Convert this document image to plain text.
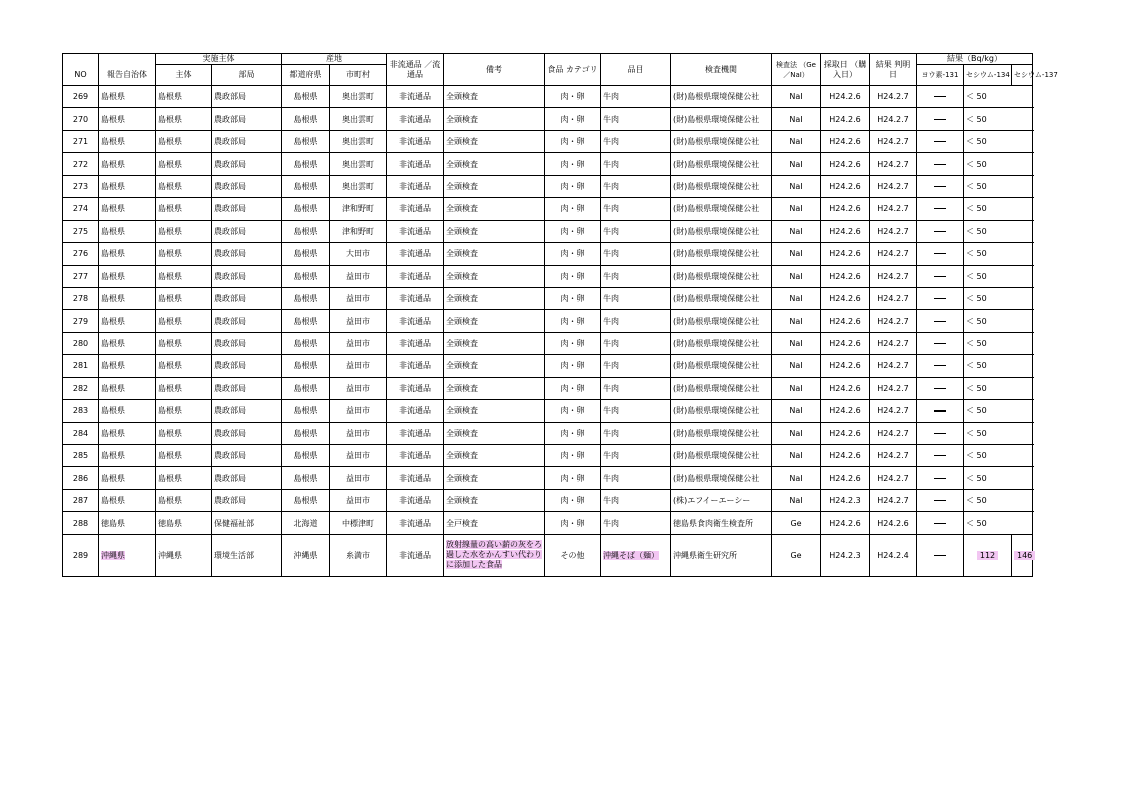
		実施主体		産地		非流通品 ／流通品	備考	食品 カテゴリ	品目	検査機関	検査法 （Ge／NaI）	採取日 （購入日）	結果 判明日	結果（Bq/kg）		
NO	報告自治体	主体	部局	都道府県	市町村									ヨウ素-131	セシウム-134	セシウム-137
269	島根県	島根県	農政部局	島根県	奥出雲町	非流通品	全頭検査	肉・卵	牛肉	(財)島根県環境保健公社	NaI	H24.2.6	H24.2.7		＜ 50	
270	島根県	島根県	農政部局	島根県	奥出雲町	非流通品	全頭検査	肉・卵	牛肉	(財)島根県環境保健公社	NaI	H24.2.6	H24.2.7		＜ 50	
271	島根県	島根県	農政部局	島根県	奥出雲町	非流通品	全頭検査	肉・卵	牛肉	(財)島根県環境保健公社	NaI	H24.2.6	H24.2.7		＜ 50	
272	島根県	島根県	農政部局	島根県	奥出雲町	非流通品	全頭検査	肉・卵	牛肉	(財)島根県環境保健公社	NaI	H24.2.6	H24.2.7		＜ 50	
273	島根県	島根県	農政部局	島根県	奥出雲町	非流通品	全頭検査	肉・卵	牛肉	(財)島根県環境保健公社	NaI	H24.2.6	H24.2.7		＜ 50	
274	島根県	島根県	農政部局	島根県	津和野町	非流通品	全頭検査	肉・卵	牛肉	(財)島根県環境保健公社	NaI	H24.2.6	H24.2.7		＜ 50	
275	島根県	島根県	農政部局	島根県	津和野町	非流通品	全頭検査	肉・卵	牛肉	(財)島根県環境保健公社	NaI	H24.2.6	H24.2.7		＜ 50	
276	島根県	島根県	農政部局	島根県	大田市	非流通品	全頭検査	肉・卵	牛肉	(財)島根県環境保健公社	NaI	H24.2.6	H24.2.7		＜ 50	
277	島根県	島根県	農政部局	島根県	益田市	非流通品	全頭検査	肉・卵	牛肉	(財)島根県環境保健公社	NaI	H24.2.6	H24.2.7		＜ 50	
278	島根県	島根県	農政部局	島根県	益田市	非流通品	全頭検査	肉・卵	牛肉	(財)島根県環境保健公社	NaI	H24.2.6	H24.2.7		＜ 50	
279	島根県	島根県	農政部局	島根県	益田市	非流通品	全頭検査	肉・卵	牛肉	(財)島根県環境保健公社	NaI	H24.2.6	H24.2.7		＜ 50	
280	島根県	島根県	農政部局	島根県	益田市	非流通品	全頭検査	肉・卵	牛肉	(財)島根県環境保健公社	NaI	H24.2.6	H24.2.7		＜ 50	
281	島根県	島根県	農政部局	島根県	益田市	非流通品	全頭検査	肉・卵	牛肉	(財)島根県環境保健公社	NaI	H24.2.6	H24.2.7		＜ 50	
282	島根県	島根県	農政部局	島根県	益田市	非流通品	全頭検査	肉・卵	牛肉	(財)島根県環境保健公社	NaI	H24.2.6	H24.2.7		＜ 50	
283	島根県	島根県	農政部局	島根県	益田市	非流通品	全頭検査	肉・卵	牛肉	(財)島根県環境保健公社	NaI	H24.2.6	H24.2.7		＜ 50	
284	島根県	島根県	農政部局	島根県	益田市	非流通品	全頭検査	肉・卵	牛肉	(財)島根県環境保健公社	NaI	H24.2.6	H24.2.7		＜ 50	
285	島根県	島根県	農政部局	島根県	益田市	非流通品	全頭検査	肉・卵	牛肉	(財)島根県環境保健公社	NaI	H24.2.6	H24.2.7		＜ 50	
286	島根県	島根県	農政部局	島根県	益田市	非流通品	全頭検査	肉・卵	牛肉	(財)島根県環境保健公社	NaI	H24.2.6	H24.2.7		＜ 50	
287	島根県	島根県	農政部局	島根県	益田市	非流通品	全頭検査	肉・卵	牛肉	(株)エフイーエーシー	NaI	H24.2.3	H24.2.7		＜ 50	
288	徳島県	徳島県	保健福祉部	北海道	中標津町	非流通品	全戸検査	肉・卵	牛肉	徳島県食肉衛生検査所	Ge	H24.2.6	H24.2.6		＜ 50	
289	沖縄県	沖縄県	環境生活部	沖縄県	糸満市	非流通品	放射線量の高い薪の灰をろ過した水をかんすい代わりに添加した食品	その他	沖縄そば（麺）	沖縄県衛生研究所	Ge	H24.2.3	H24.2.4		112	146
